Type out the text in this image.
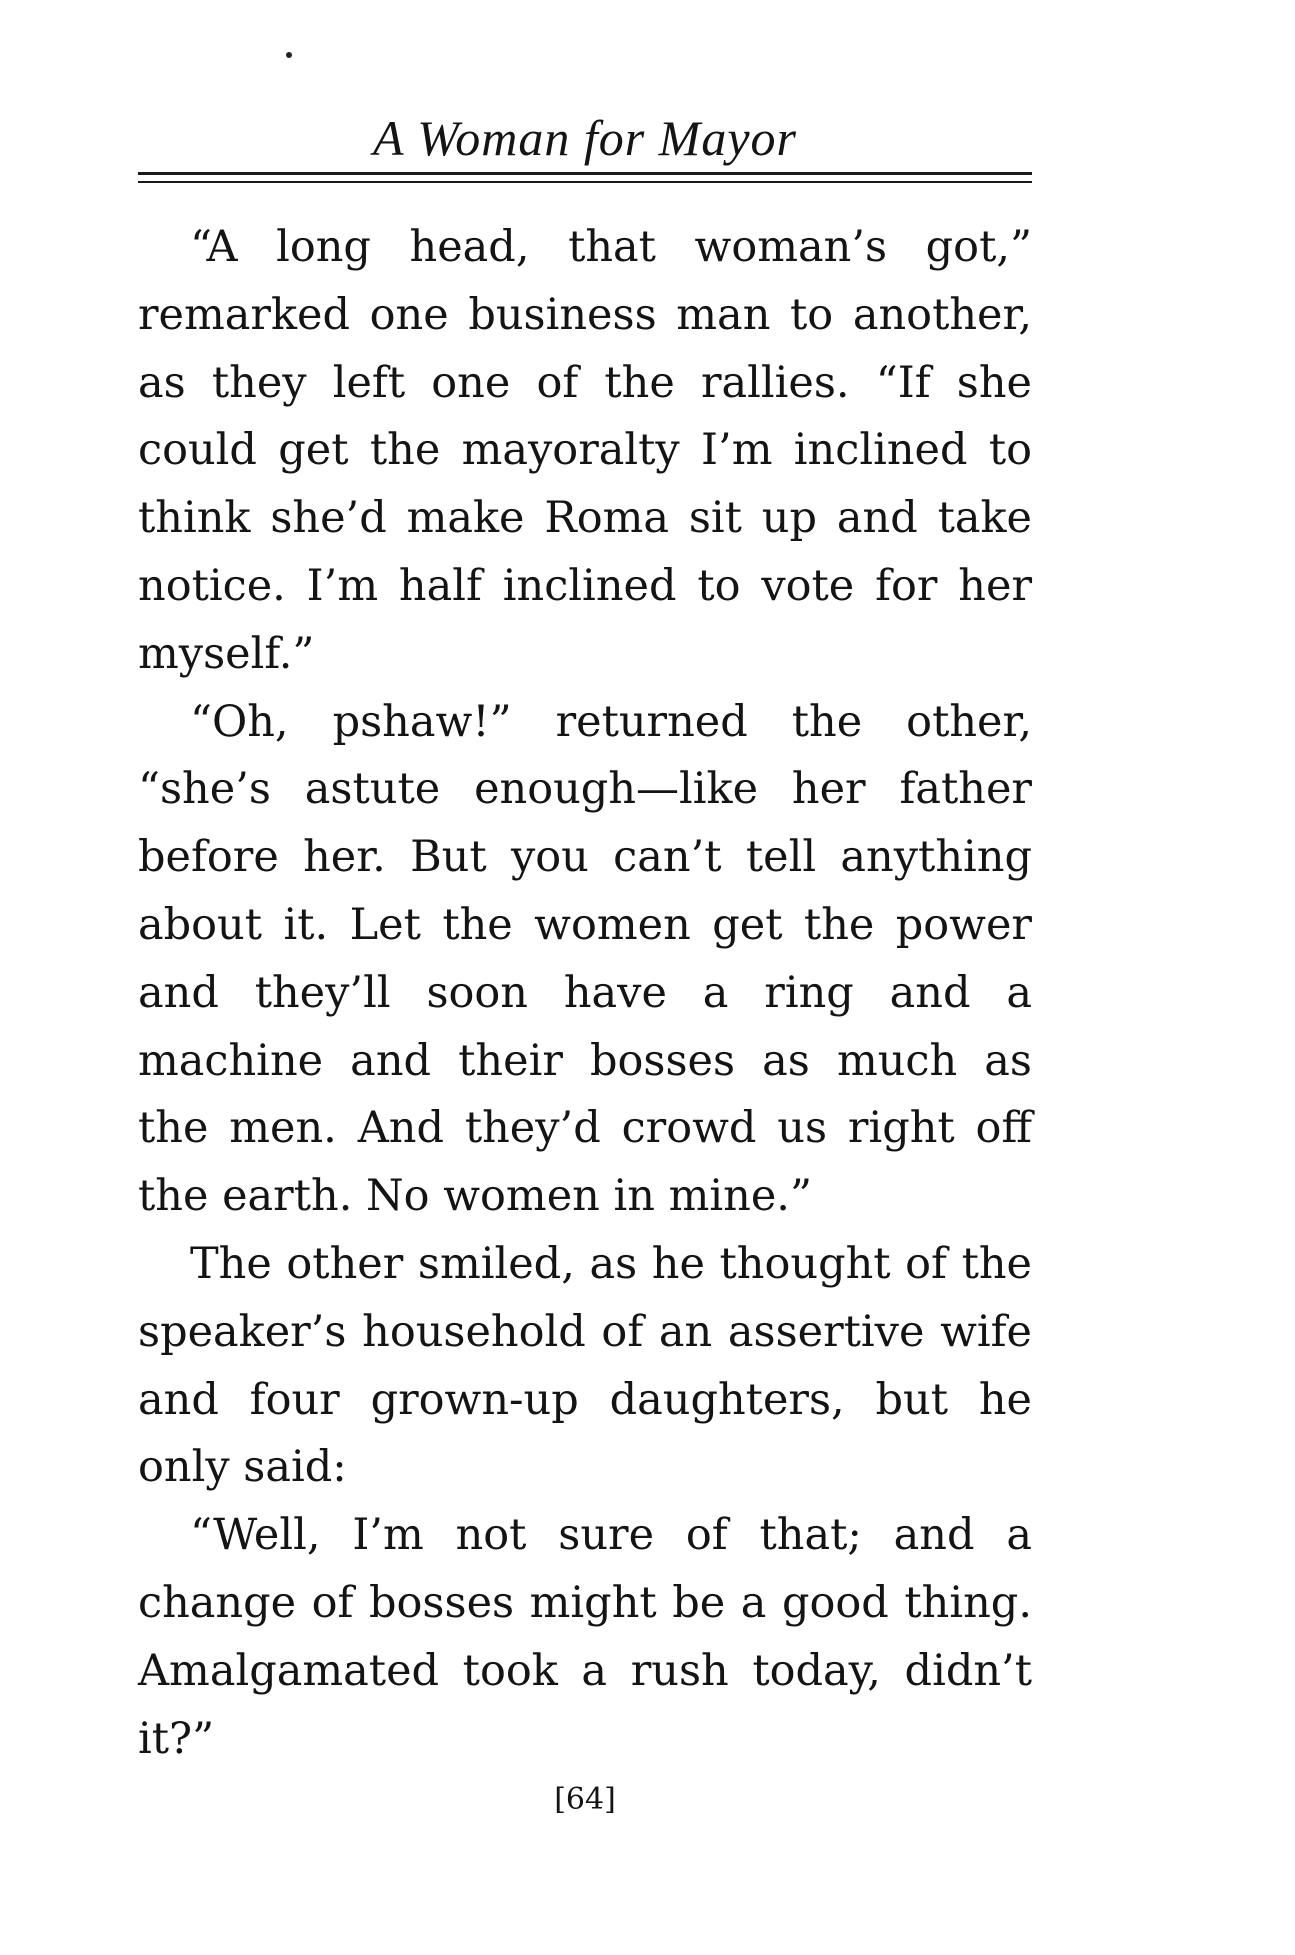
A Woman for Mayor

“A long head, that woman’s got,” remarked one business man to another, as they left one of the rallies. “If she could get the mayoralty I’m inclined to think she’d make Roma sit up and take notice. I’m half inclined to vote for her myself.”

“Oh, pshaw!” returned the other, “she’s astute enough—like her father before her. But you can’t tell anything about it. Let the women get the power and they’ll soon have a ring and a machine and their bosses as much as the men. And they’d crowd us right off the earth. No women in mine.”

The other smiled, as he thought of the speaker’s household of an assertive wife and four grown-up daughters, but he only said:

“Well, I’m not sure of that; and a change of bosses might be a good thing. Amalgamated took a rush today, didn’t it?”

[64]
